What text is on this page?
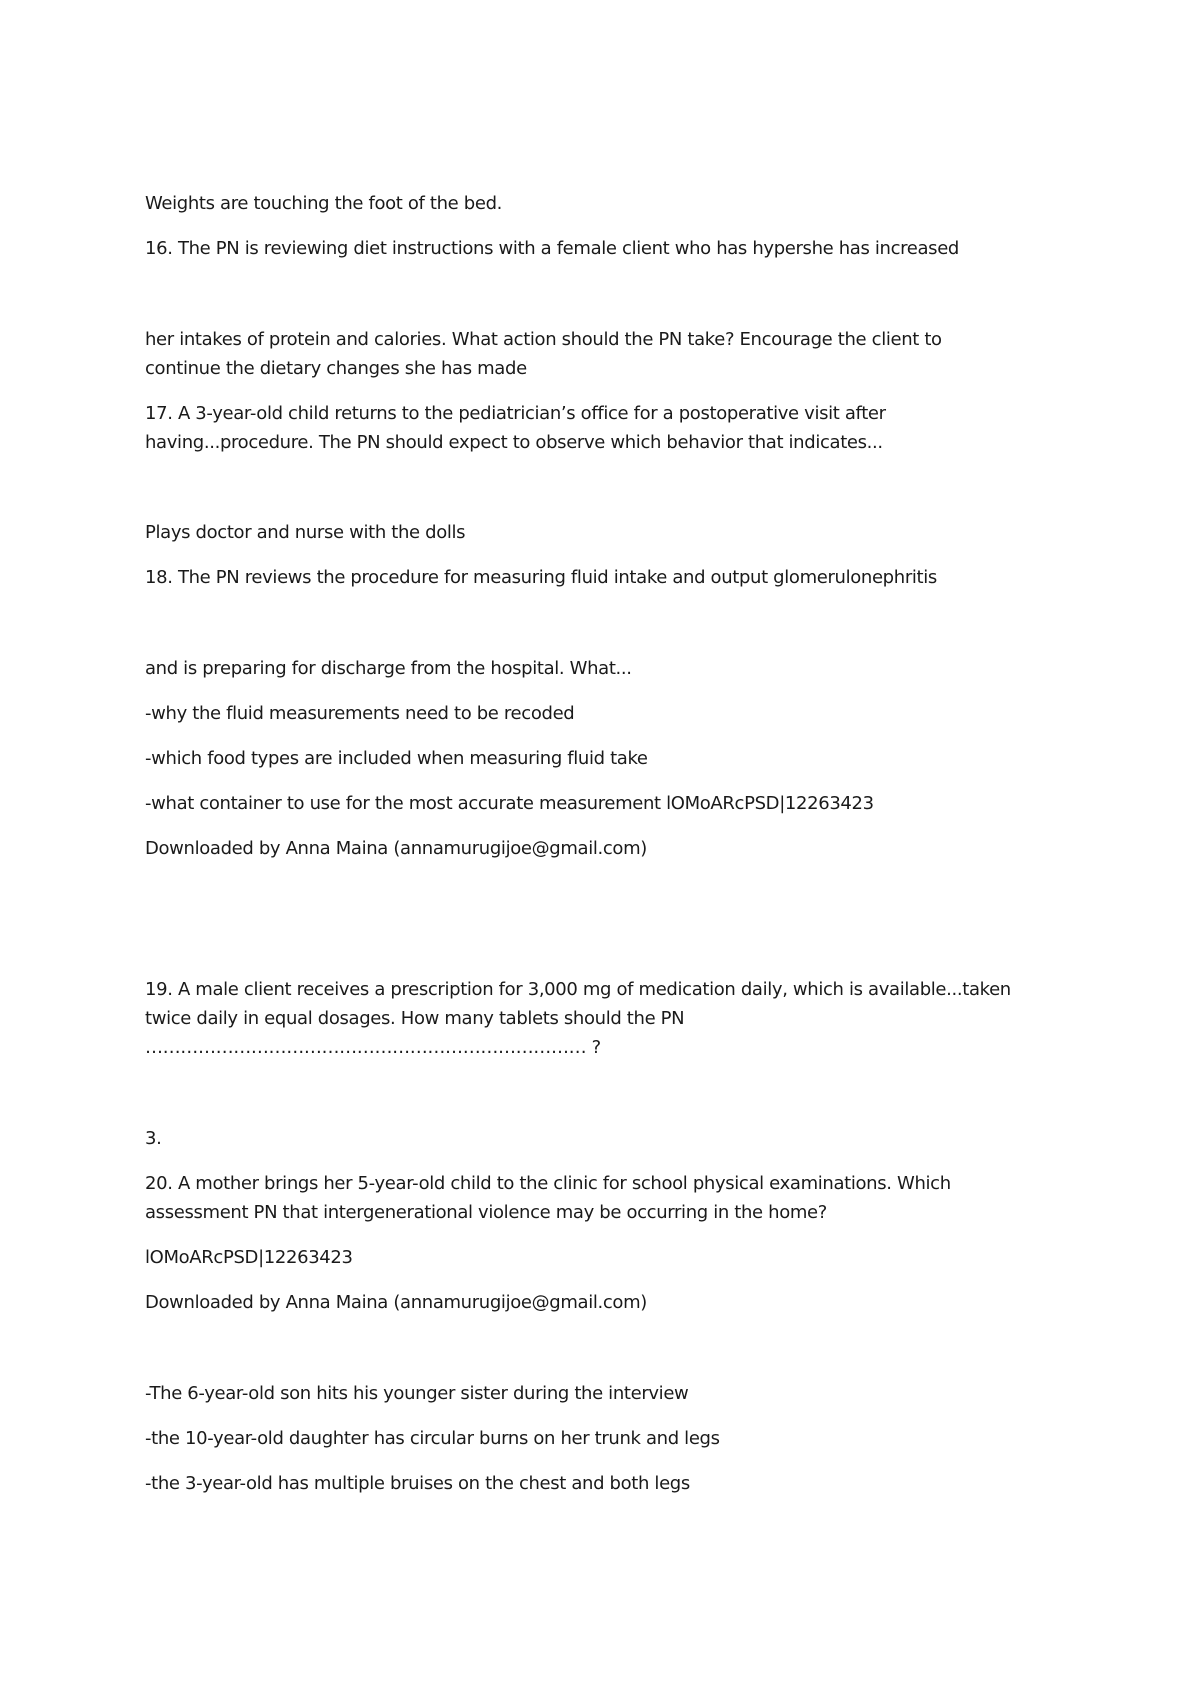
Weights are touching the foot of the bed.

16. The PN is reviewing diet instructions with a female client who has hypershe has increased

her intakes of protein and calories. What action should the PN take? Encourage the client to

continue the dietary changes she has made

17. A 3-year-old child returns to the pediatrician’s office for a postoperative visit after

having...procedure. The PN should expect to observe which behavior that indicates...

Plays doctor and nurse with the dolls

18. The PN reviews the procedure for measuring fluid intake and output glomerulonephritis

and is preparing for discharge from the hospital. What...

-why the fluid measurements need to be recoded

-which food types are included when measuring fluid take

-what container to use for the most accurate measurement lOMoARcPSD|12263423

Downloaded by Anna Maina (annamurugijoe@gmail.com)

19. A male client receives a prescription for 3,000 mg of medication daily, which is available...taken

twice daily in equal dosages. How many tablets should the PN

………………………………………………………………… ?

3.

20. A mother brings her 5-year-old child to the clinic for school physical examinations. Which

assessment PN that intergenerational violence may be occurring in the home?

lOMoARcPSD|12263423

Downloaded by Anna Maina (annamurugijoe@gmail.com)

-The 6-year-old son hits his younger sister during the interview

-the 10-year-old daughter has circular burns on her trunk and legs

-the 3-year-old has multiple bruises on the chest and both legs
